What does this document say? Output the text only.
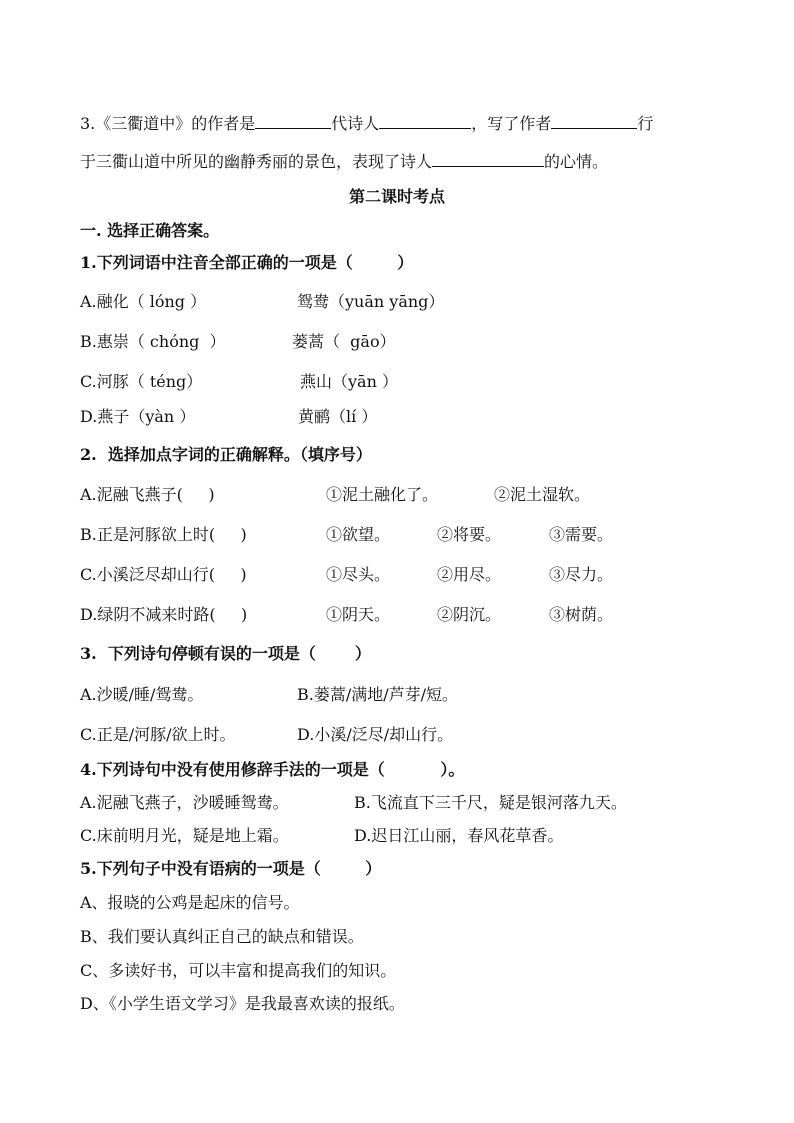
3.《三衢道中》的作者是	代诗人	，写了作者	行
于三衢山道中所见的幽静秀丽的景色，表现了诗人	的心情。
第二课时考点
一. 选择正确答案。
1.下列词语中注音全部正确的一项是（        ）
A.融化（ lóng ）	鸳鸯（yuān yāng）
B.惠崇（ chóng  ）	蒌蒿（  gāo）
C.河豚（ téng）	燕山（yān ）
D.燕子（yàn ）	黄鹂（lí ）
2.  选择加点字词的正确解释。（填序号）
A.泥融飞燕子(     )	①泥土融化了。	②泥土湿软。
B.正是河豚欲上时(     )	①欲望。	②将要。	③需要。
C.小溪泛尽却山行(     )	①尽头。	②用尽。	③尽力。
D.绿阴不减来时路(     )	①阴天。	②阴沉。	③树荫。
3.  下列诗句停顿有误的一项是（       ）
A.沙暖/睡/鸳鸯。	B.蒌蒿/满地/芦芽/短。
C.正是/河豚/欲上时。	D.小溪/泛尽/却山行。
4.下列诗句中没有使用修辞手法的一项是（          ）。
A.泥融飞燕子，沙暖睡鸳鸯。	B.飞流直下三千尺，疑是银河落九天。
C.床前明月光，疑是地上霜。	D.迟日江山丽，春风花草香。
5.下列句子中没有语病的一项是（        ）
A、报晓的公鸡是起床的信号。
B、我们要认真纠正自己的缺点和错误。
C、多读好书，可以丰富和提高我们的知识。
D、《小学生语文学习》是我最喜欢读的报纸。
